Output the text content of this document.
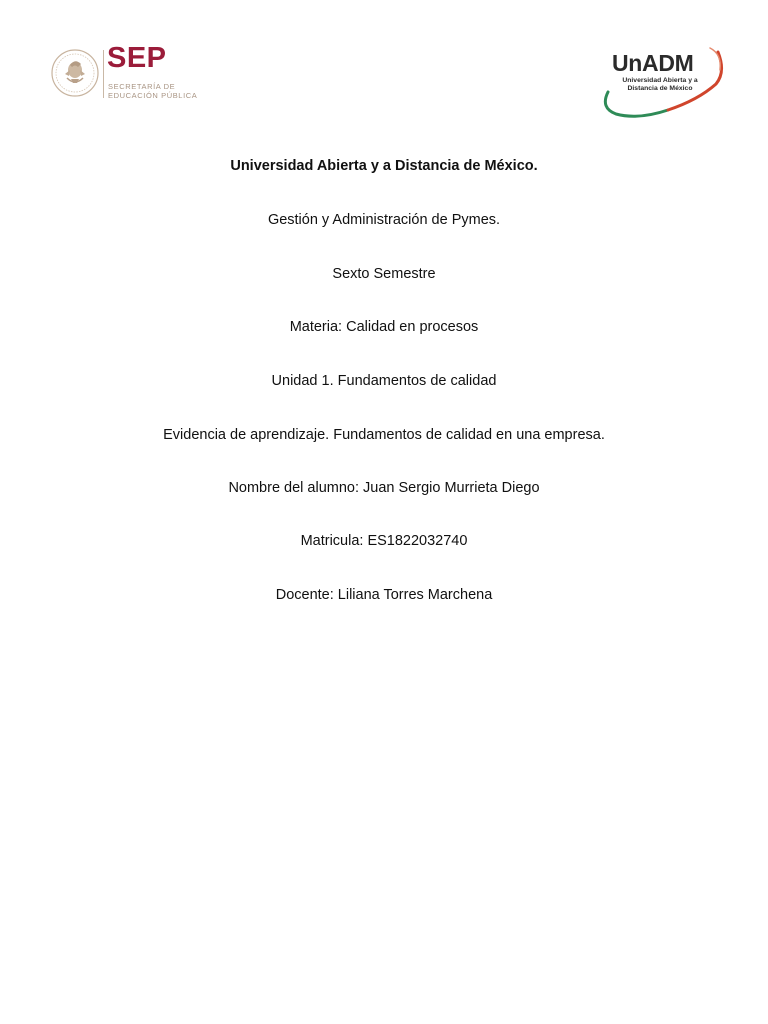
SEP
SECRETARÍA DE
EDUCACIÓN PÚBLICA
UnADM
Universidad Abierta y a
Distancia de México
Universidad Abierta y a Distancia de México.
Gestión y Administración de Pymes.
Sexto Semestre
Materia: Calidad en procesos
Unidad 1. Fundamentos de calidad
Evidencia de aprendizaje. Fundamentos de calidad en una empresa.
Nombre del alumno: Juan Sergio Murrieta Diego
Matricula: ES1822032740
Docente: Liliana Torres Marchena
